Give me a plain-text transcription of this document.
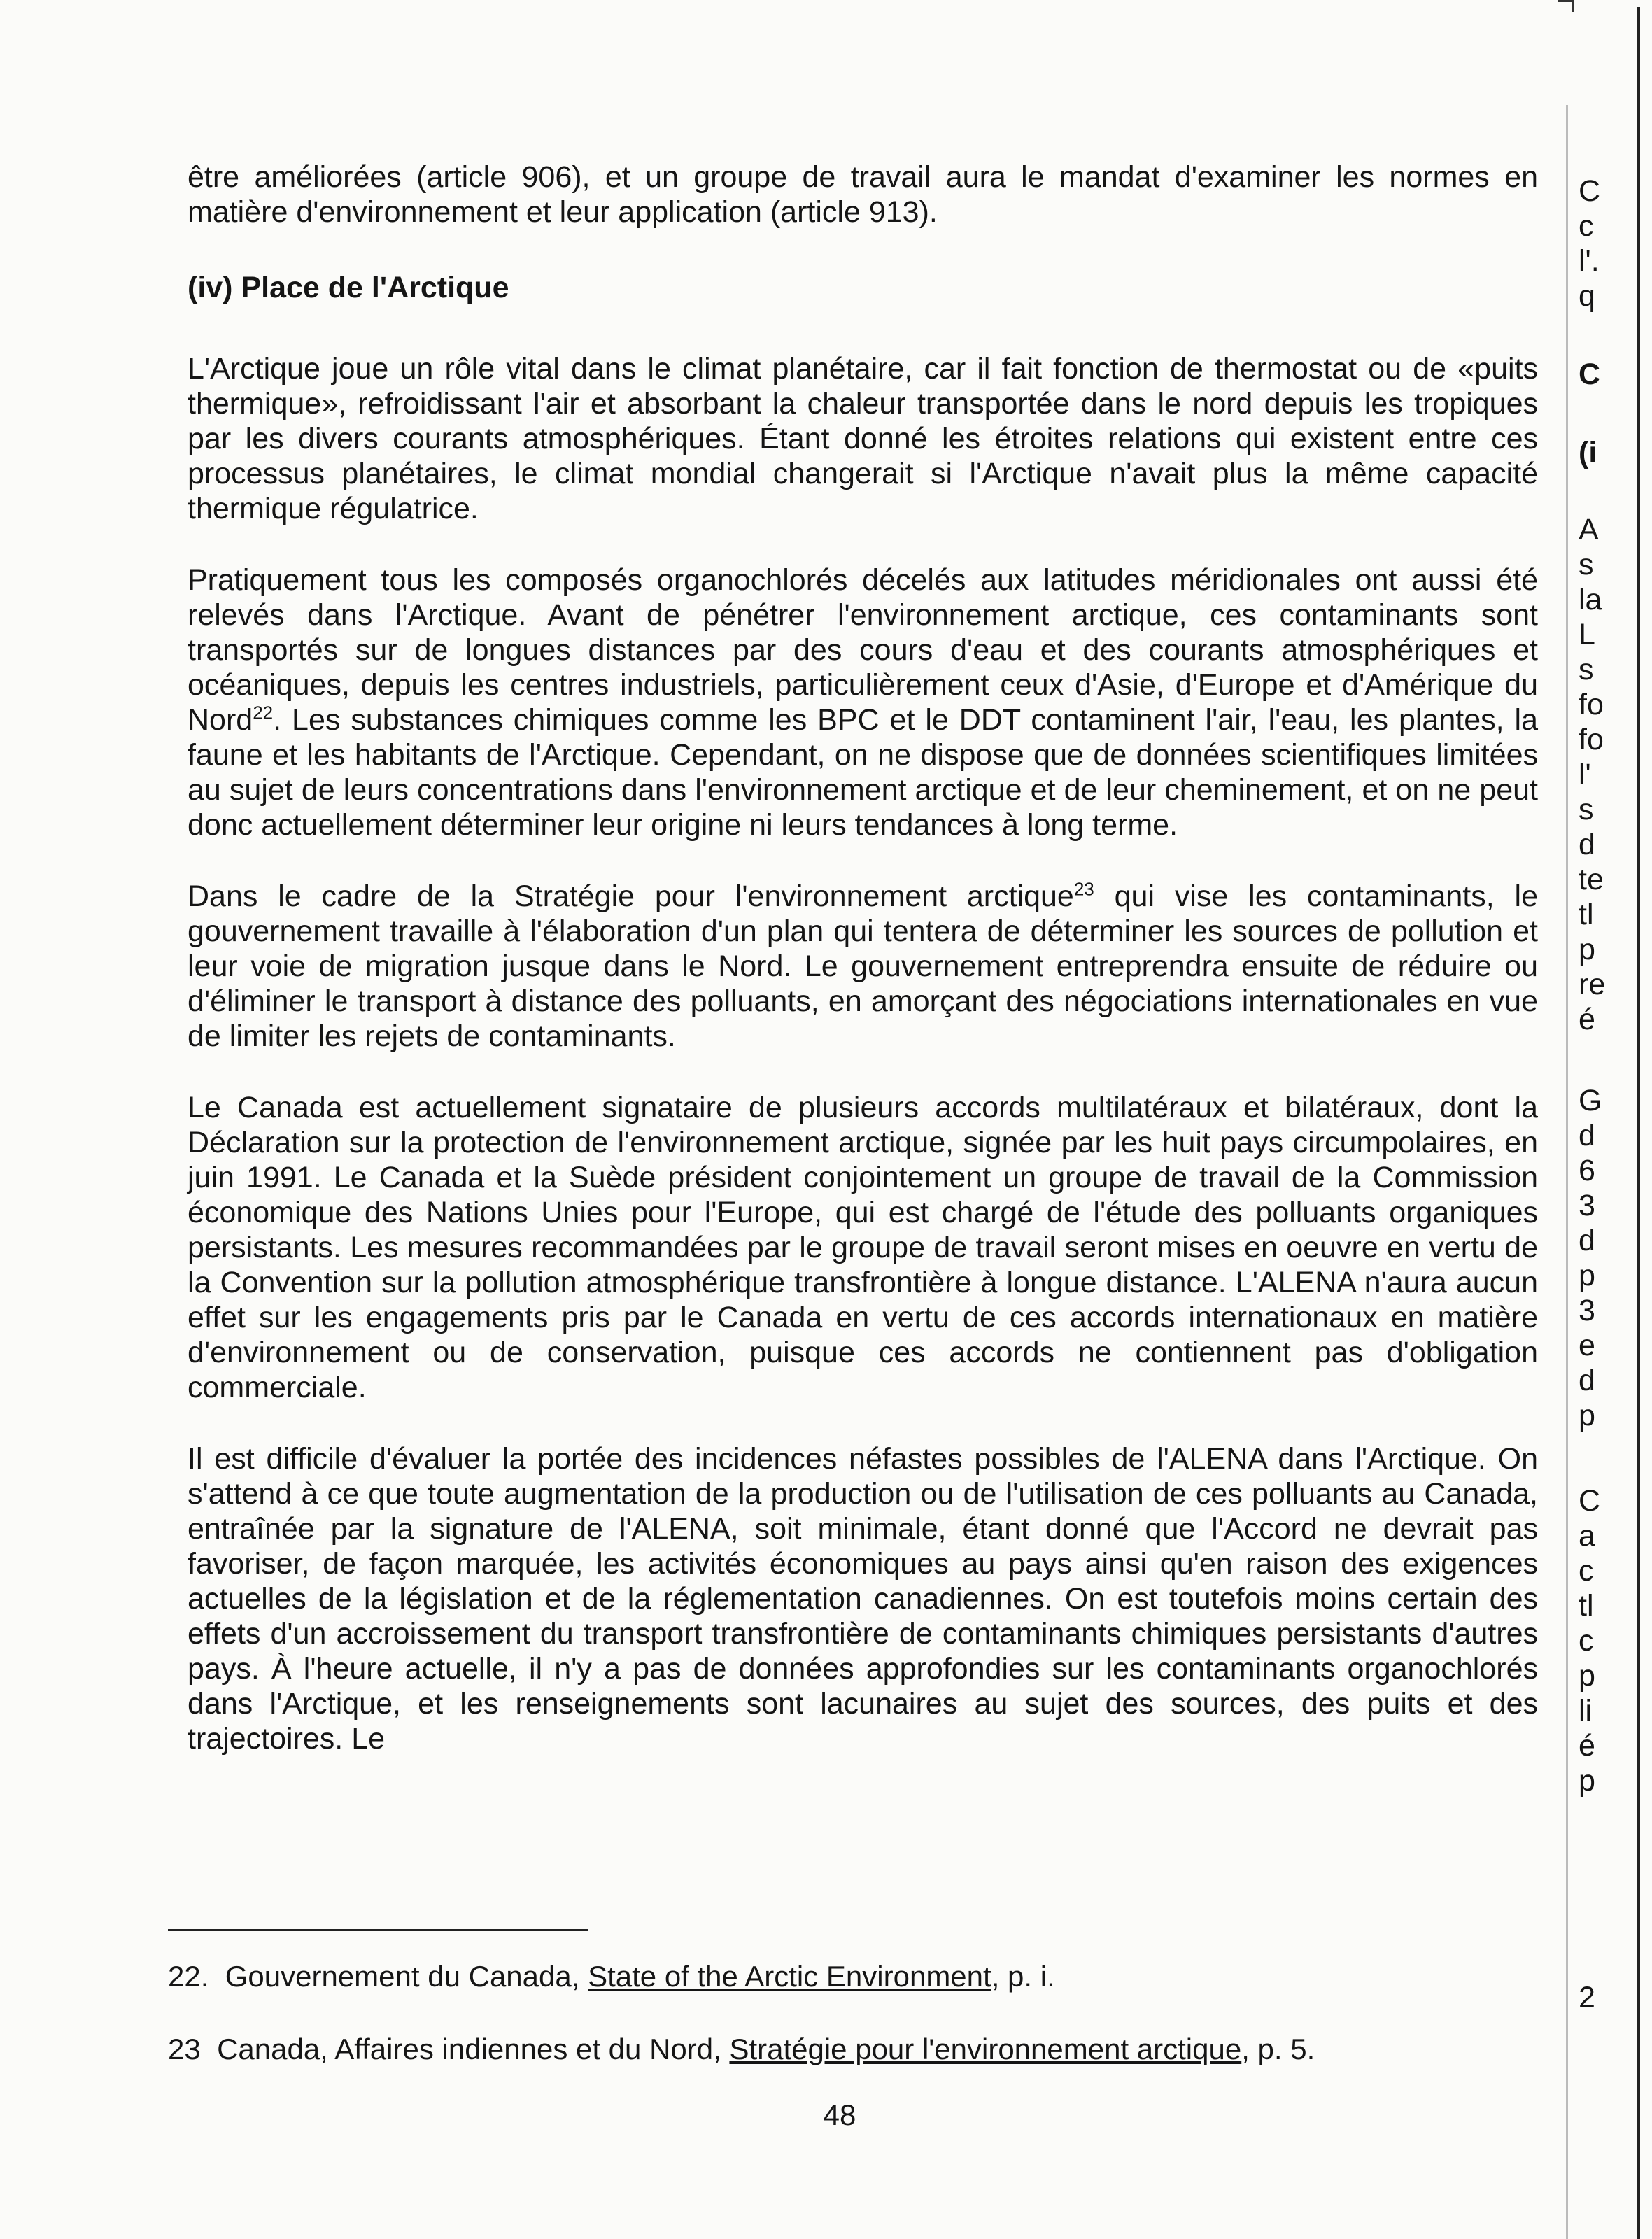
être améliorées (article 906), et un groupe de travail aura le mandat d'examiner les normes en matière d'environnement et leur application (article 913).

(iv) Place de l'Arctique

L'Arctique joue un rôle vital dans le climat planétaire, car il fait fonction de thermostat ou de «puits thermique», refroidissant l'air et absorbant la chaleur transportée dans le nord depuis les tropiques par les divers courants atmosphériques. Étant donné les étroites relations qui existent entre ces processus planétaires, le climat mondial changerait si l'Arctique n'avait plus la même capacité thermique régulatrice.

Pratiquement tous les composés organochlorés décelés aux latitudes méridionales ont aussi été relevés dans l'Arctique. Avant de pénétrer l'environnement arctique, ces contaminants sont transportés sur de longues distances par des cours d'eau et des courants atmosphériques et océaniques, depuis les centres industriels, particulièrement ceux d'Asie, d'Europe et d'Amérique du Nord$^{22}$. Les substances chimiques comme les BPC et le DDT contaminent l'air, l'eau, les plantes, la faune et les habitants de l'Arctique. Cependant, on ne dispose que de données scientifiques limitées au sujet de leurs concentrations dans l'environnement arctique et de leur cheminement, et on ne peut donc actuellement déterminer leur origine ni leurs tendances à long terme.

Dans le cadre de la Stratégie pour l'environnement arctique$^{23}$ qui vise les contaminants, le gouvernement travaille à l'élaboration d'un plan qui tentera de déterminer les sources de pollution et leur voie de migration jusque dans le Nord. Le gouvernement entreprendra ensuite de réduire ou d'éliminer le transport à distance des polluants, en amorçant des négociations internationales en vue de limiter les rejets de contaminants.

Le Canada est actuellement signataire de plusieurs accords multilatéraux et bilatéraux, dont la Déclaration sur la protection de l'environnement arctique, signée par les huit pays circumpolaires, en juin 1991. Le Canada et la Suède président conjointement un groupe de travail de la Commission économique des Nations Unies pour l'Europe, qui est chargé de l'étude des polluants organiques persistants. Les mesures recommandées par le groupe de travail seront mises en oeuvre en vertu de la Convention sur la pollution atmosphérique transfrontière à longue distance. L'ALENA n'aura aucun effet sur les engagements pris par le Canada en vertu de ces accords internationaux en matière d'environnement ou de conservation, puisque ces accords ne contiennent pas d'obligation commerciale.

Il est difficile d'évaluer la portée des incidences néfastes possibles de l'ALENA dans l'Arctique. On s'attend à ce que toute augmentation de la production ou de l'utilisation de ces polluants au Canada, entraînée par la signature de l'ALENA, soit minimale, étant donné que l'Accord ne devrait pas favoriser, de façon marquée, les activités économiques au pays ainsi qu'en raison des exigences actuelles de la législation et de la réglementation canadiennes. On est toutefois moins certain des effets d'un accroissement du transport transfrontière de contaminants chimiques persistants d'autres pays. À l'heure actuelle, il n'y a pas de données approfondies sur les contaminants organochlorés dans l'Arctique, et les renseignements sont lacunaires au sujet des sources, des puits et des trajectoires. Le

22. Gouvernement du Canada, State of the Arctic Environment, p. i.
23 Canada, Affaires indiennes et du Nord, Stratégie pour l'environnement arctique, p. 5.
48
C
c
l'.
q
C
(i
A
s
la
L
s
fo
fo
l'
s
d
te
tl
p
re
é
G
d
6
3
d
p
3
e
d
p
C
a
c
tl
c
p
li
é
p
2
